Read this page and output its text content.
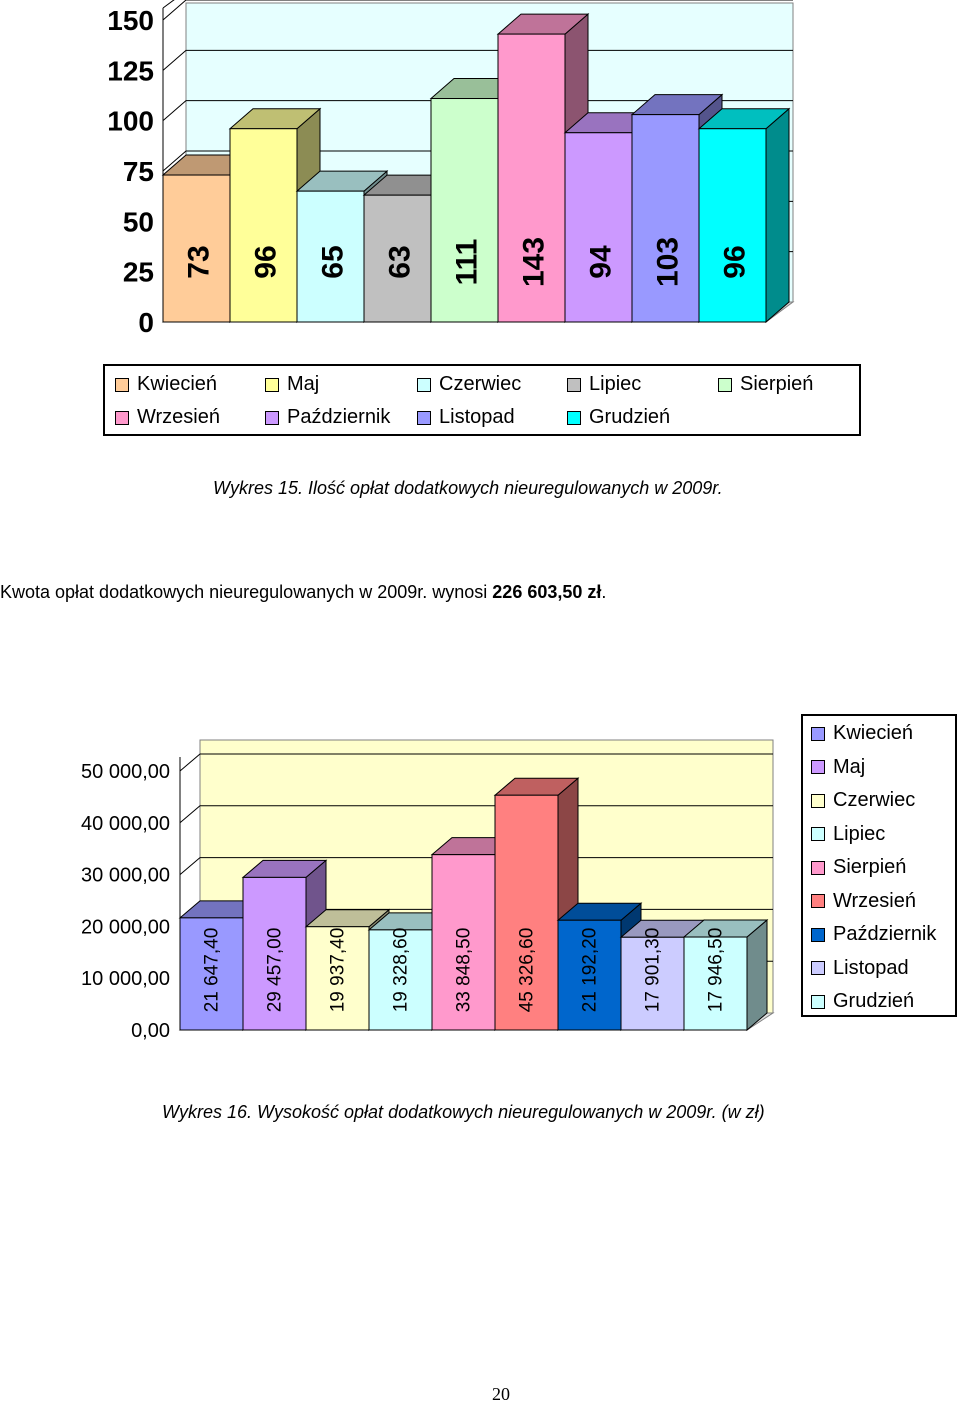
0
25
50
75
100
125
150
73 96 65 63 111 143 94 103 96
Kwiecień	Maj	Czerwiec	Lipiec	Sierpień
Wrzesień	Październik Listopad	Grudzień
Wykres 15. Ilość opłat dodatkowych nieuregulowanych w 2009r.
Kwota opłat dodatkowych nieuregulowanych w 2009r. wynosi 226 603,50 zł.
0,00
10 000,00
20 000,00
30 000,00
40 000,00
50 000,00
21 647,40 29 457,00 19 937,40 19 328,60 33 848,50 45 326,60 21 192,20 17 901,30 17 946,50
Kwiecień
Maj
Czerwiec
Lipiec
Sierpień
Wrzesień
Październik
Listopad
Grudzień
Wykres 16. Wysokość opłat dodatkowych nieuregulowanych w 2009r. (w zł)
20
